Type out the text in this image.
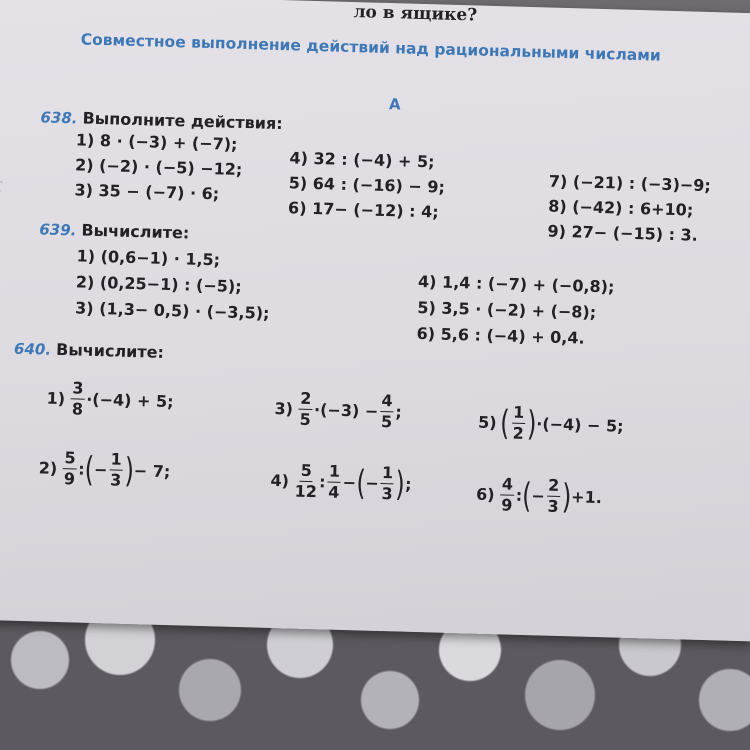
ло в ящике?
Совместное выполнение действий над рациональными числами
А
638. Выполните действия:
1) 8 · (−3) + (−7);
2) (−2) · (−5) −12;
3) 35 − (−7) · 6;
4) 32 : (−4) + 5;
5) 64 : (−16) − 9;
6) 17− (−12) : 4;
7) (−21) : (−3)−9;
8) (−42) : 6+10;
9) 27− (−15) : 3.
639. Вычислите:
1) (0,6−1) · 1,5;
2) (0,25−1) : (−5);
3) (1,3− 0,5) · (−3,5);
4) 1,4 : (−7) + (−0,8);
5) 3,5 · (−2) + (−8);
6) 5,6 : (−4) + 0,4.
640. Вычислите:
$1) \frac{3}{8} \cdot(-4) + 5$;	$3) \frac{2}{5} \cdot(-3) - \frac{4}{5}$ ;
5) ( $\frac{1}{2}$ ) ·(−4) − 5;
$2) \frac{5}{9}$ : ( − $\frac{1}{3}$ ) − 7;	$4) \frac{5}{12}$ : $\frac{1}{4}$ − ( − $\frac{1}{3}$ ) ;
$6) \frac{4}{9}$ : ( − $\frac{2}{3}$ ) +1.
